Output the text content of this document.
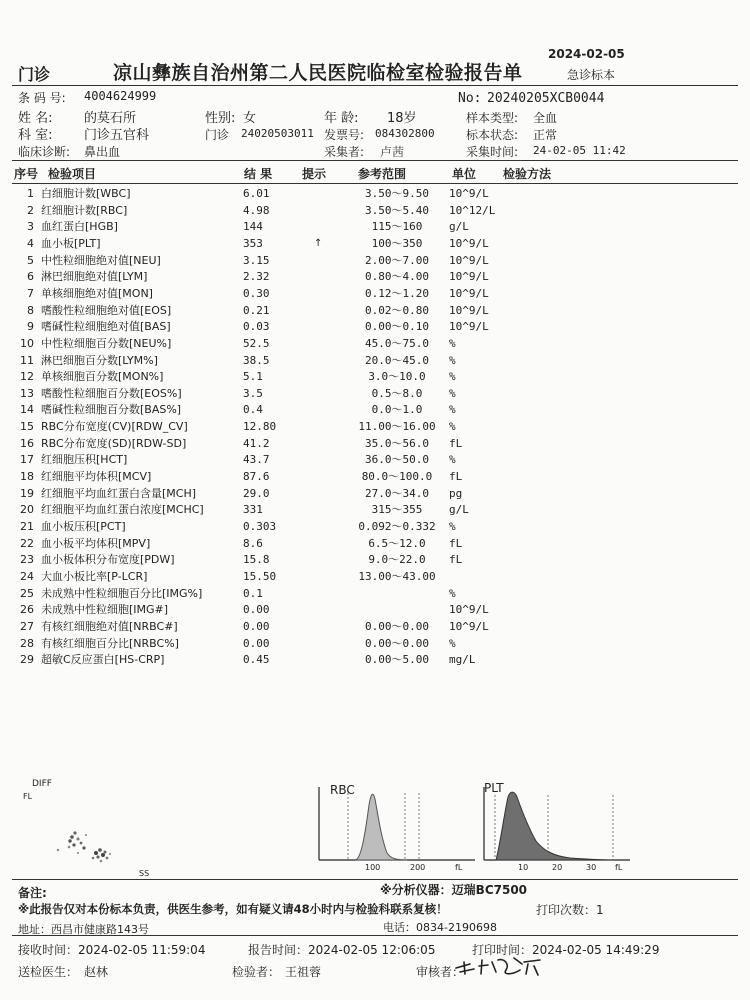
2024-02-05
门诊	凉山彝族自治州第二人民医院临检室检验报告单	急诊标本
条 码 号: 4004624999	No: 20240205XCB0044
姓 名: 的莫石所	性别: 女	年 龄: 18岁	样本类型: 全血
科 室: 门诊五官科	门诊 24020503011 发票号: 084302800	标本状态: 正常
临床诊断: 鼻出血	采集者: 卢茜	采集时间: 24-02-05 11:42
序号 检验项目	结 果 提示	参考范围	单位 检验方法
1 白细胞计数[WBC]	6.01	3.50～9.50	10^9/L
2 红细胞计数[RBC]	4.98	3.50～5.40	10^12/L
3 血红蛋白[HGB]	144	115～160	g/L
4 血小板[PLT]	353	↑	100～350	10^9/L
5 中性粒细胞绝对值[NEU]	3.15	2.00～7.00	10^9/L
6 淋巴细胞绝对值[LYM]	2.32	0.80～4.00	10^9/L
7 单核细胞绝对值[MON]	0.30	0.12～1.20	10^9/L
8 嗜酸性粒细胞绝对值[EOS]	0.21	0.02～0.80	10^9/L
9 嗜碱性粒细胞绝对值[BAS]	0.03	0.00～0.10	10^9/L
10 中性粒细胞百分数[NEU%]	52.5	45.0～75.0	%
11 淋巴细胞百分数[LYM%]	38.5	20.0～45.0	%
12 单核细胞百分数[MON%]	5.1	3.0～10.0	%
13 嗜酸性粒细胞百分数[EOS%]	3.5	0.5～8.0	%
14 嗜碱性粒细胞百分数[BAS%]	0.4	0.0～1.0	%
15 RBC分布宽度(CV)[RDW_CV]	12.80	11.00～16.00	%
16 RBC分布宽度(SD)[RDW-SD]	41.2	35.0～56.0	fL
17 红细胞压积[HCT]	43.7	36.0～50.0	%
18 红细胞平均体积[MCV]	87.6	80.0～100.0	fL
19 红细胞平均血红蛋白含量[MCH]	29.0	27.0～34.0	pg
20 红细胞平均血红蛋白浓度[MCHC]	331	315～355	g/L
21 血小板压积[PCT]	0.303	0.092～0.332	%
22 血小板平均体积[MPV]	8.6	6.5～12.0	fL
23 血小板体积分布宽度[PDW]	15.8	9.0～22.0	fL
24 大血小板比率[P-LCR]	15.50	13.00～43.00
25 未成熟中性粒细胞百分比[IMG%]	0.1	%
26 未成熟中性粒细胞[IMG#]	0.00	10^9/L
27 有核红细胞绝对值[NRBC#]	0.00	0.00～0.00	10^9/L
28 有核红细胞百分比[NRBC%]	0.00	0.00～0.00	%
29 超敏C反应蛋白[HS-CRP]	0.45	0.00～5.00	mg/L
DIFF
FL
SS
RBC
100	200	fL
PLT
10	20	30 fL
备注:	※分析仪器：迈瑞BC7500
※此报告仅对本份标本负责，供医生参考，如有疑义请48小时内与检验科联系复核！	打印次数：1
地址：西昌市健康路143号	电话：0834-2190698
接收时间：2024-02-05 11:59:04	报告时间：2024-02-05 12:06:05	打印时间：2024-02-05 14:49:29
送检医生： 赵林	检验者： 王祖蓉	审核者：
